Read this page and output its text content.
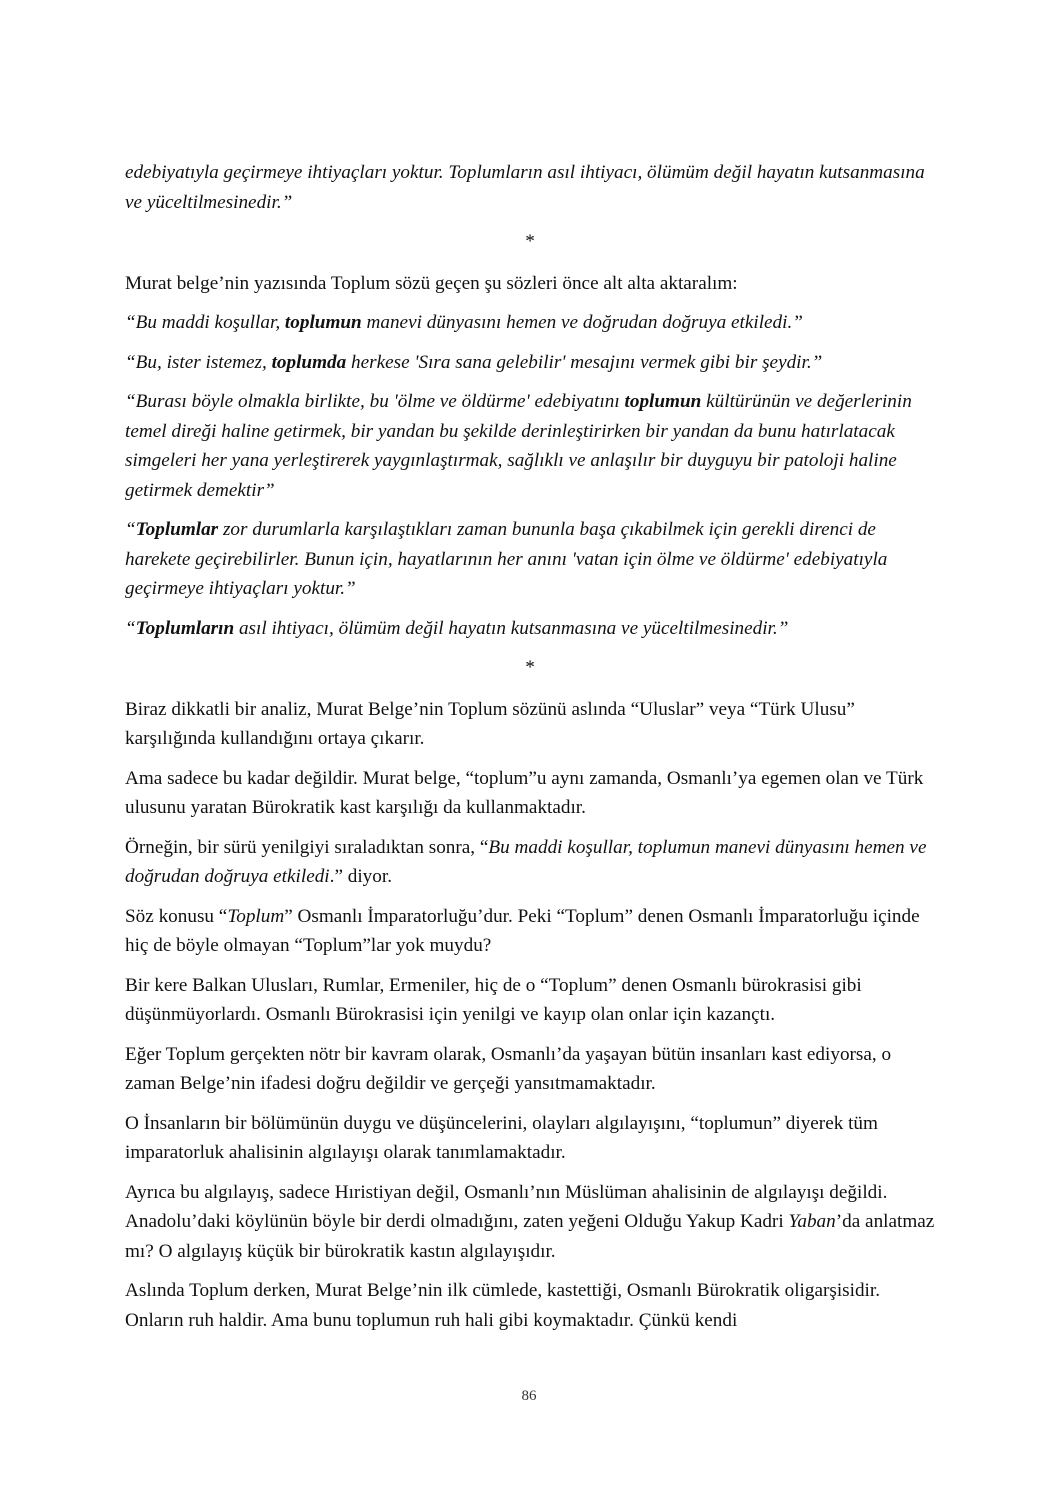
edebiyatıyla geçirmeye ihtiyaçları yoktur. Toplumların asıl ihtiyacı, ölümüm değil hayatın kutsanmasına ve yüceltilmesinedir.”

*

Murat belge’nin yazısında Toplum sözü geçen şu sözleri önce alt alta aktaralım:

“Bu maddi koşullar, toplumun manevi dünyasını hemen ve doğrudan doğruya etkiledi.”

“Bu, ister istemez, toplumda herkese 'Sıra sana gelebilir' mesajını vermek gibi bir şeydir.”

“Burası böyle olmakla birlikte, bu 'ölme ve öldürme' edebiyatını toplumun kültürünün ve değerlerinin temel direği haline getirmek, bir yandan bu şekilde derinleştirirken bir yandan da bunu hatırlatacak simgeleri her yana yerleştirerek yaygınlaştırmak, sağlıklı ve anlaşılır bir duyguyu bir patoloji haline getirmek demektir”

“Toplumlar zor durumlarla karşılaştıkları zaman bununla başa çıkabilmek için gerekli direnci de harekete geçirebilirler. Bunun için, hayatlarının her anını 'vatan için ölme ve öldürme' edebiyatıyla geçirmeye ihtiyaçları yoktur.”

“Toplumların asıl ihtiyacı, ölümüm değil hayatın kutsanmasına ve yüceltilmesinedir.”

*

Biraz dikkatli bir analiz, Murat Belge’nin Toplum sözünü aslında “Uluslar” veya “Türk Ulusu” karşılığında kullandığını ortaya çıkarır.

Ama sadece bu kadar değildir. Murat belge, “toplum”u aynı zamanda, Osmanlı’ya egemen olan ve Türk ulusunu yaratan Bürokratik kast karşılığı da kullanmaktadır.

Örneğin, bir sürü yenilgiyi sıraladıktan sonra, “Bu maddi koşullar, toplumun manevi dünyasını hemen ve doğrudan doğruya etkiledi.” diyor.

Söz konusu “Toplum” Osmanlı İmparatorluğu’dur. Peki “Toplum” denen Osmanlı İmparatorluğu içinde hiç de böyle olmayan “Toplum”lar yok muydu?

Bir kere Balkan Ulusları, Rumlar, Ermeniler, hiç de o “Toplum” denen Osmanlı bürokrasisi gibi düşünmüyorlardı. Osmanlı Bürokrasisi için yenilgi ve kayıp olan onlar için kazançtı.

Eğer Toplum gerçekten nötr bir kavram olarak, Osmanlı’da yaşayan bütün insanları kast ediyorsa, o zaman Belge’nin ifadesi doğru değildir ve gerçeği yansıtmamaktadır.

O İnsanların bir bölümünün duygu ve düşüncelerini, olayları algılayışını, “toplumun” diyerek tüm imparatorluk ahalisinin algılayışı olarak tanımlamaktadır.

Ayrıca bu algılayış, sadece Hıristiyan değil, Osmanlı’nın Müslüman ahalisinin de algılayışı değildi. Anadolu’daki köylünün böyle bir derdi olmadığını, zaten yeğeni Olduğu Yakup Kadri Yaban’da anlatmaz mı? O algılayış küçük bir bürokratik kastın algılayışıdır.

Aslında Toplum derken, Murat Belge’nin ilk cümlede, kastettiği, Osmanlı Bürokratik oligarşisidir. Onların ruh haldir. Ama bunu toplumun ruh hali gibi koymaktadır. Çünkü kendi

86
